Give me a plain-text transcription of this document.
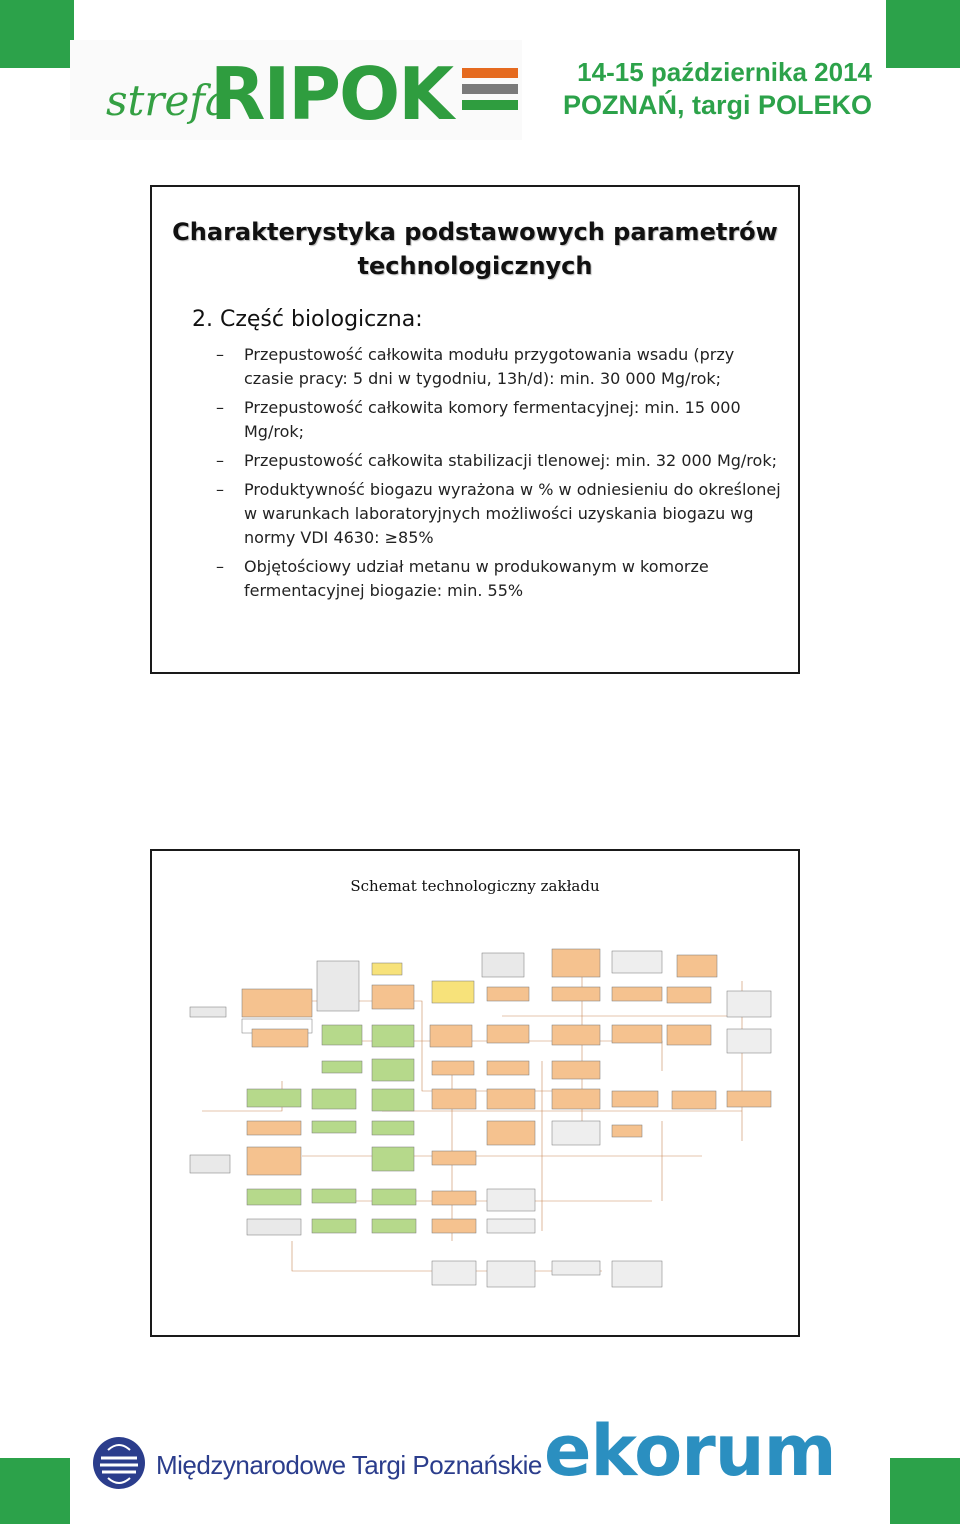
strefa
RIPOK	14-15 października 2014
POZNAŃ, targi POLEKO
Charakterystyka podstawowych parametrów
technologicznych
2. Część biologiczna:
– Przepustowość całkowita modułu przygotowania wsadu (przy czasie pracy: 5 dni w tygodniu, 13h/d): min. 30 000 Mg/rok;
– Przepustowość całkowita komory fermentacyjnej: min. 15 000 Mg/rok;
– Przepustowość całkowita stabilizacji tlenowej: min. 32 000 Mg/rok;
– Produktywność biogazu wyrażona w % w odniesieniu do określonej w warunkach laboratoryjnych możliwości uzyskania biogazu wg normy VDI 4630: ≥85%
– Objętościowy udział metanu w produkowanym w komorze fermentacyjnej biogazie: min. 55%
Schemat technologiczny zakładu
Międzynarodowe Targi Poznańskie ekorum
